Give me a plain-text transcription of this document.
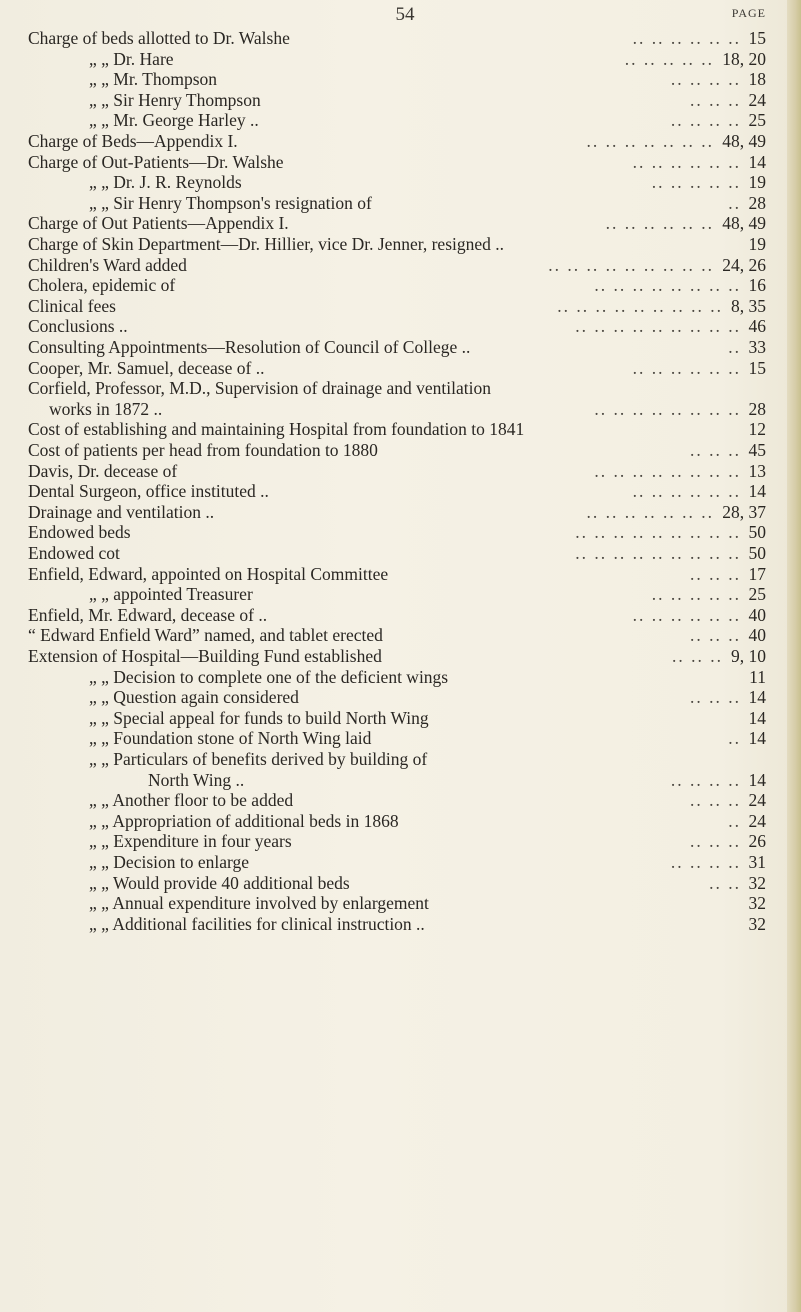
54	PAGE
Charge of beds allotted to Dr. Walshe	15
.. .. .. .. .. ..
„ „ Dr. Hare	18, 20
.. .. .. .. ..
„ „ Mr. Thompson	18
.. .. .. ..
„ „ Sir Henry Thompson	24
.. .. ..
„ „ Mr. George Harley ..	25
.. .. .. ..
Charge of Beds—Appendix I.	48, 49
.. .. .. .. .. .. ..
Charge of Out-Patients—Dr. Walshe	14
.. .. .. .. .. ..
„ „ Dr. J. R. Reynolds	19
.. .. .. .. ..
„ „ Sir Henry Thompson's resignation of	28
..
Charge of Out Patients—Appendix I.	48, 49
.. .. .. .. .. ..
Charge of Skin Department—Dr. Hillier, vice Dr. Jenner, resigned ..	19
Children's Ward added	24, 26
.. .. .. .. .. .. .. .. ..
Cholera, epidemic of	16
.. .. .. .. .. .. .. ..
Clinical fees	8, 35
.. .. .. .. .. .. .. .. ..
Conclusions ..	46
.. .. .. .. .. .. .. .. ..
Consulting Appointments—Resolution of Council of College ..	33
..
Cooper, Mr. Samuel, decease of ..	15
.. .. .. .. .. ..
Corfield, Professor, M.D., Supervision of drainage and ventilation
works in 1872 ..	28
.. .. .. .. .. .. .. ..
Cost of establishing and maintaining Hospital from foundation to 1841	12
Cost of patients per head from foundation to 1880	45
.. .. ..
Davis, Dr. decease of	13
.. .. .. .. .. .. .. ..
Dental Surgeon, office instituted ..	14
.. .. .. .. .. ..
Drainage and ventilation ..	28, 37
.. .. .. .. .. .. ..
Endowed beds	50
.. .. .. .. .. .. .. .. ..
Endowed cot	50
.. .. .. .. .. .. .. .. ..
Enfield, Edward, appointed on Hospital Committee	17
.. .. ..
„ „ appointed Treasurer	25
.. .. .. .. ..
Enfield, Mr. Edward, decease of ..	40
.. .. .. .. .. ..
“ Edward Enfield Ward” named, and tablet erected	40
.. .. ..
Extension of Hospital—Building Fund established	9, 10
.. .. ..
„ „ Decision to complete one of the deficient wings	11
„ „ Question again considered	14
.. .. ..
„ „ Special appeal for funds to build North Wing	14
„ „ Foundation stone of North Wing laid	14
..
„ „ Particulars of benefits derived by building of
North Wing ..	14
.. .. .. ..
„ „ Another floor to be added	24
.. .. ..
„ „ Appropriation of additional beds in 1868	24
..
„ „ Expenditure in four years	26
.. .. ..
„ „ Decision to enlarge	31
.. .. .. ..
„ „ Would provide 40 additional beds	32
.. ..
„ „ Annual expenditure involved by enlargement	32
„ „ Additional facilities for clinical instruction ..	32
